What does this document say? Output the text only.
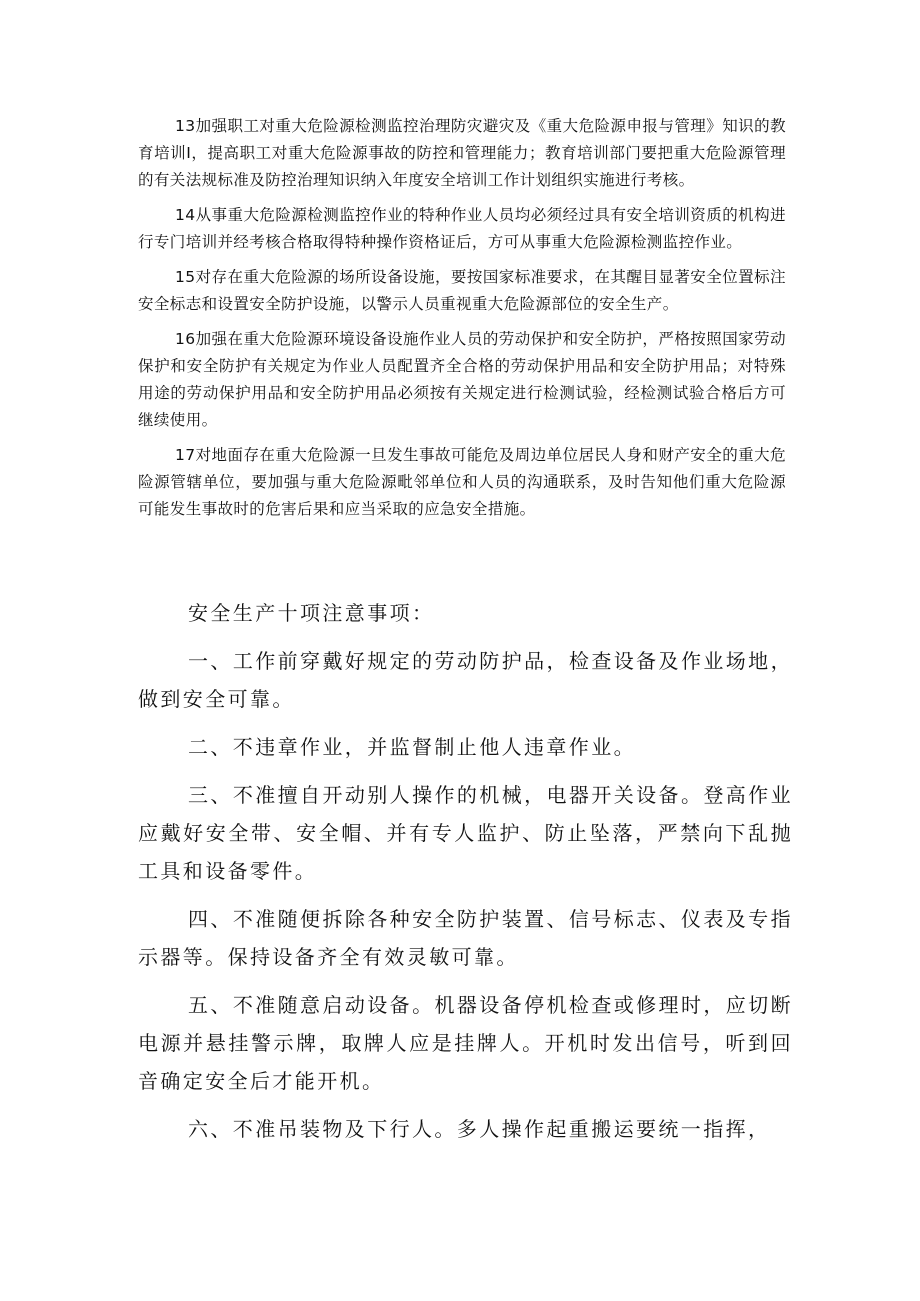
13加强职工对重大危险源检测监控治理防灾避灾及《重大危险源申报与管理》知识的教育培训I，提高职工对重大危险源事故的防控和管理能力；教育培训部门要把重大危险源管理的有关法规标准及防控治理知识纳入年度安全培训工作计划组织实施进行考核。

14从事重大危险源检测监控作业的特种作业人员均必须经过具有安全培训资质的机构进行专门培训并经考核合格取得特种操作资格证后，方可从事重大危险源检测监控作业。

15对存在重大危险源的场所设备设施，要按国家标准要求，在其醒目显著安全位置标注安全标志和设置安全防护设施，以警示人员重视重大危险源部位的安全生产。

16加强在重大危险源环境设备设施作业人员的劳动保护和安全防护，严格按照国家劳动保护和安全防护有关规定为作业人员配置齐全合格的劳动保护用品和安全防护用品；对特殊用途的劳动保护用品和安全防护用品必须按有关规定进行检测试验，经检测试验合格后方可继续使用。

17对地面存在重大危险源一旦发生事故可能危及周边单位居民人身和财产安全的重大危险源管辖单位，要加强与重大危险源毗邻单位和人员的沟通联系，及时告知他们重大危险源可能发生事故时的危害后果和应当采取的应急安全措施。

安全生产十项注意事项：

一、工作前穿戴好规定的劳动防护品，检查设备及作业场地，做到安全可靠。

二、不违章作业，并监督制止他人违章作业。

三、不准擅自开动别人操作的机械，电器开关设备。登高作业应戴好安全带、安全帽、并有专人监护、防止坠落，严禁向下乱抛工具和设备零件。

四、不准随便拆除各种安全防护装置、信号标志、仪表及专指示器等。保持设备齐全有效灵敏可靠。

五、不准随意启动设备。机器设备停机检查或修理时，应切断电源并悬挂警示牌，取牌人应是挂牌人。开机时发出信号，听到回音确定安全后才能开机。

六、不准吊装物及下行人。多人操作起重搬运要统一指挥，
